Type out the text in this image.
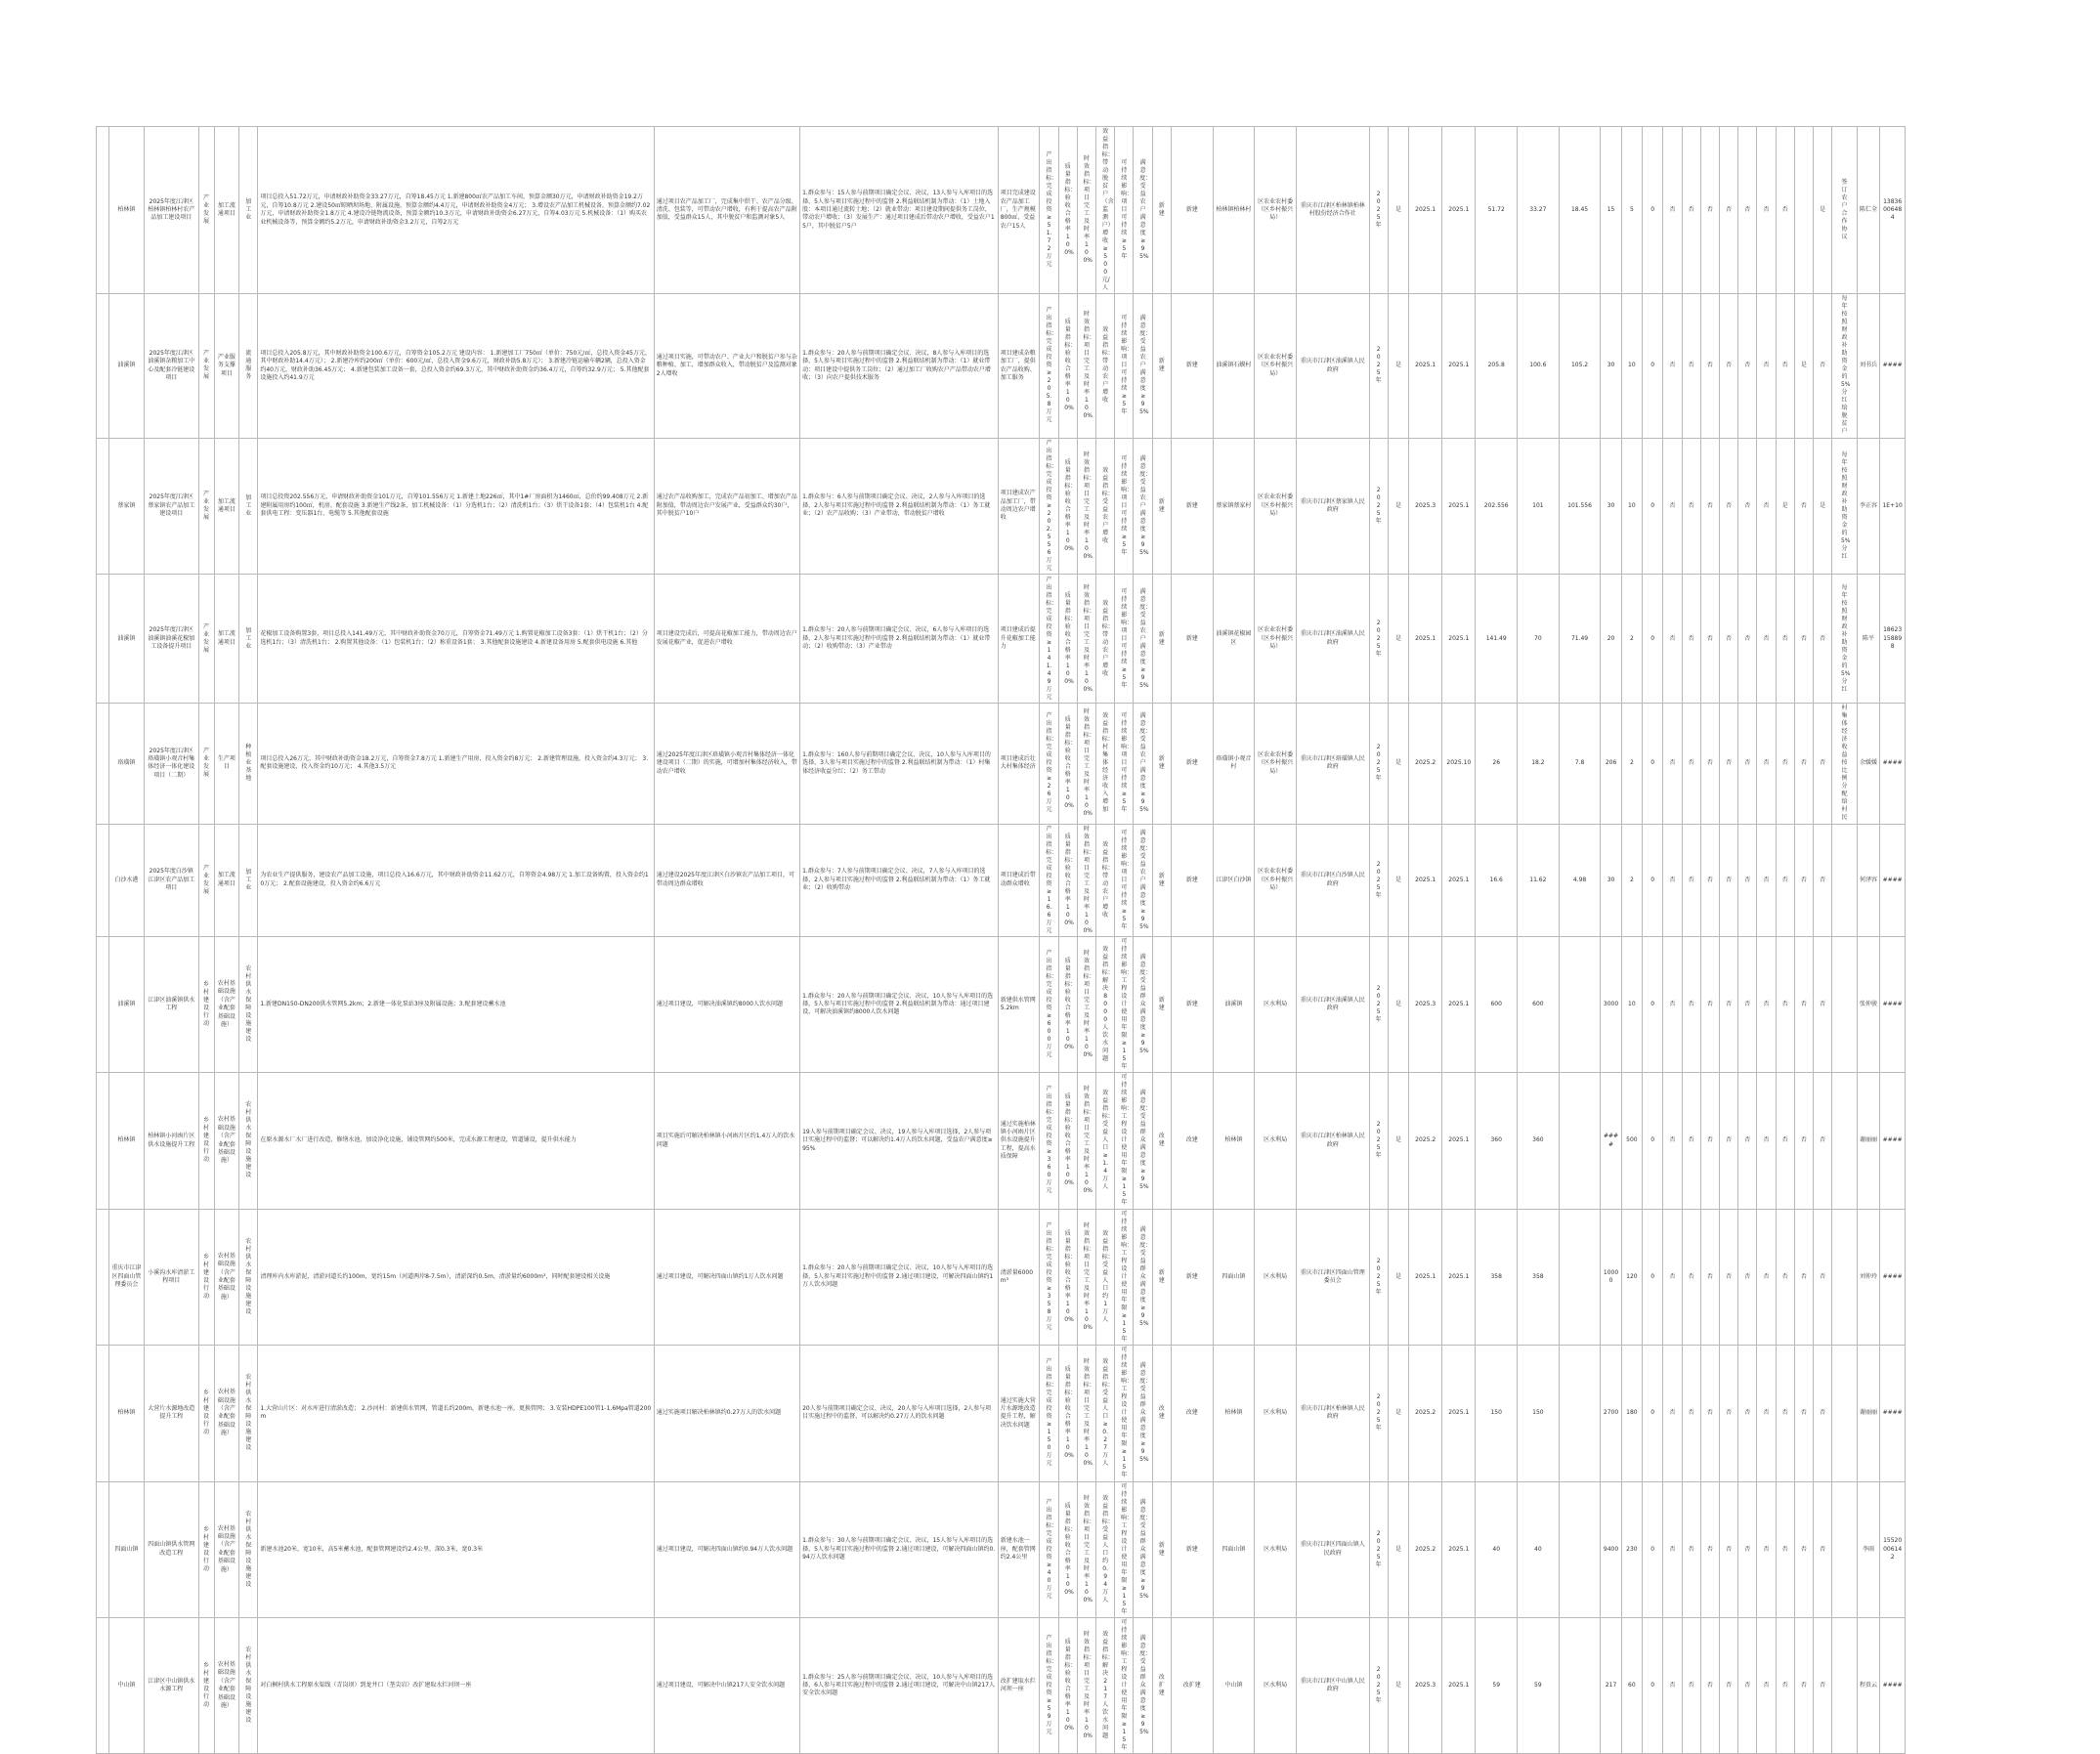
	柏林镇	2025年度江津区柏林镇柏林村农产品加工建设项目	产业发展	加工流通项目	加工业	项目总投入51.72万元，申请财政补助资金33.27万元，自筹18.45万元 1.新建800㎡农产品加工车间，预算金额30万元，申请财政补助资金19.2万元，自筹10.8万元 2.建设50㎡晾晒坝场地、附属设施，预算金额约4.4万元，申请财政补助资金4万元； 3.增设农产品加工机械设备，预算金额约7.02万元，申请财政补助资金1.8万元 4.建设冷链物流设备，预算金额约10.3万元，申请财政补助资金6.27万元，自筹4.03万元 5.机械设备：（1）购买农业机械设备等，预算金额约5.2万元，申请财政补助资金3.2万元，自筹2万元	通过项目农产品加工厂，完成集中烘干、农产品分级、清洗、包装等，可带动农户增收，有利于提高农产品附加值，受益群众15人，其中脱贫户和监测对象5人	1.群众参与：15人参与前期项目确定会议、决议，13人参与入库项目的选择，5人参与项目实施过程中的监督 2.利益联结机制为带动：（1）土地入股：本项目通过流转土地；（2）就业带动：项目建设期间提供务工岗位，带动农户增收；（3）发展生产：通过项目建成后带动农户增收，受益农户15户，其中脱贫户5户	项目完成建设农产品加工厂，生产规模800㎡，受益农户15人	产出指标：完成投资≥51.72万元	质量指标：验收合格率100%	时效指标：项目完工及时率100%	效益指标：带动脱贫户（含监测户）增收≥500元/人	可持续影响：项目可持续≥5年	满意度：受益农户满意度≥95%	新建	新建	柏林镇柏林村	区农业农村委（区乡村振兴局）	重庆市江津区柏林镇柏林村股份经济合作社	2025年	是	2025.1	2025.1	51.72	33.27	18.45	15	5	0	否	否	否	否	否	否	否		是	签订农户合作协议	陈仁全	13836006484
	油溪镇	2025年度江津区油溪镇杂粮加工中心及配套冷链建设项目	产业发展	产业服务支撑项目	流通服务	项目总投入205.8万元，其中财政补助资金100.6万元，自筹资金105.2万元 建设内容： 1.新建加工厂750㎡（单价：750元/㎡，总投入资金45万元，其中财政补助14.4万元）； 2.新建冷库约200㎡（单价：600元/㎡，总投入资金9.6万元，财政补助5.8万元）； 3.新建冷链运输车辆2辆，总投入资金约40万元，财政补助36.45万元； 4.新建包装加工设备一套，总投入资金约69.3万元，其中财政补助资金约36.4万元，自筹约32.9万元； 5.其他配套设施投入约41.9万元	通过项目实施，可带动农户、产业大户和脱贫户参与杂粮种植、加工，增加群众收入，带动脱贫户及监测对象2人增收	1.群众参与：20人参与前期项目确定会议、决议，8人参与入库项目的选择，5人参与项目实施过程中的监督 2.利益联结机制为带动：（1）就业带动：项目建设中提供务工岗位；（2）通过加工厂收购农户产品带动农户增收；（3）向农户提供技术服务	项目建成杂粮加工厂，提供农产品收购、加工服务	产出指标：完成投资≥205.8万元	质量指标：验收合格率100%	时效指标：项目完工及时率100%	效益指标：带动农户增收	可持续影响：项目可持续≥5年	满意度：受益农户满意度≥95%	新建	新建	油溪镇石蟆村	区农业农村委（区乡村振兴局）	重庆市江津区油溪镇人民政府	2025年	是	2025.1	2025.1	205.8	100.6	105.2	30	10	0	否	否	否	否	否	否	否	是	否	每年按照财政补助资金的5%分红给脱贫户	刘书兵	####
	蔡家镇	2025年度江津区蔡家镇农产品加工建设项目	产业发展	加工流通项目	加工业	项目总投资202.556万元，申请财政补助资金101万元，自筹101.556万元 1.新建土地226㎡，其中1#厂房面积为1460㎡，总价约99.408万元 2.新建附属用房约100㎡，机房、配套设施 3.新建生产线2条，加工机械设备：（1）分选机1台；（2）清洗机1台；（3）烘干设备1套；（4）包装机1台 4.配套供电工程：变压器1台，电缆等 5.其他配套设施	通过农产品收购加工，完成农产品初加工、增加农产品附加值，带动周边农户发展产业，受益群众约30户，其中脱贫户10户	1.群众参与：6人参与前期项目确定会议、决议，2人参与入库项目的选择，2人参与项目实施过程中的监督 2.利益联结机制为带动：（1）务工就业；（2）农产品收购；（3）产业带动，带动脱贫户增收	项目建成农产品加工厂，带动周边农户增收	产出指标：完成投资≥202.556万元	质量指标：验收合格率100%	时效指标：项目完工及时率100%	效益指标：受益农户增收	可持续影响：项目可持续≥5年	满意度：受益农户满意度≥95%	新建	新建	蔡家镇蔡家村	区农业农村委（区乡村振兴局）	重庆市江津区蔡家镇人民政府	2025年	是	2025.3	2025.1	202.556	101	101.556	30	10	0	否	否	否	否	否	否	是	否	是	每年按照财政补助资金的5%分红	李正容	1E+10
	油溪镇	2025年度江津区油溪镇油溪花椒加工设备提升项目	产业发展	加工流通项目	加工业	花椒加工设备购置3套，项目总投入141.49万元，其中财政补助资金70万元，自筹资金71.49万元 1.购置花椒加工设备3套：（1）烘干机1台；（2）分选机1台；（3）清洗机1台； 2.购置其他设备：（1）包装机1台；（2）称重设备1套； 3.其他配套设施建设 4.新建设备用房 5.配套供电设施 6.其他	项目建设完成后，可提高花椒加工能力，带动周边农户发展花椒产业，促进农户增收	1.群众参与：20人参与前期项目确定会议、决议，6人参与入库项目的选择，2人参与项目实施过程中的监督 2.利益联结机制为带动：（1）就业带动；（2）收购带动；（3）产业带动	项目建成后提升花椒加工能力	产出指标：完成投资≥141.49万元	质量指标：验收合格率100%	时效指标：项目完工及时率100%	效益指标：带动农户增收	可持续影响：项目可持续≥5年	满意度：受益农户满意度≥95%	新建	新建	油溪镇花椒园区	区农业农村委（区乡村振兴局）	重庆市江津区油溪镇人民政府	2025年	是	2025.1	2025.1	141.49	70	71.49	20	2	0	否	否	否	否	否	否	否	否	否	每年按照财政补助资金的5%分红	陈平	18623158898
	珞璜镇	2025年度江津区珞璜镇小观音村集体经济一体化建设项目（二期）	产业发展	生产项目	种植业基地	项目总投入26万元，其中财政补助资金18.2万元，自筹资金7.8万元 1.新建生产用房，投入资金约8万元； 2.新建管理设施，投入资金约4.3万元； 3.配套设施建设，投入资金约10万元； 4.其他3.5万元	通过2025年度江津区珞璜镇小观音村集体经济一体化建设项目（二期）的实施，可增加村集体经济收入，带动农户增收	1.群众参与：160人参与前期项目确定会议、决议，10人参与入库项目的选择，3人参与项目实施过程中的监督 2.利益联结机制为带动：（1）村集体经济收益分红；（2）务工带动	项目建成后壮大村集体经济	产出指标：完成投资≥26万元	质量指标：验收合格率100%	时效指标：项目完工及时率100%	效益指标：村集体经济收入增加	可持续影响：项目可持续≥5年	满意度：受益农户满意度≥95%	新建	新建	珞璜镇小观音村	区农业农村委（区乡村振兴局）	重庆市江津区珞璜镇人民政府	2025年	是	2025.2	2025.10	26	18.2	7.8	206	2	0	否	否	否	否	否	否	否	否	否	村集体经济收益按比例分配给村民	余媛媛	####
	白沙水港	2025年度白沙镇江津区农产品加工项目	产业发展	加工流通项目	加工业	为农业生产提供服务，建设农产品加工设施，项目总投入16.6万元，其中财政补助资金11.62万元，自筹资金4.98万元 1.加工设备购置，投入资金约10万元； 2.配套设施建设，投入资金约6.6万元	通过建设2025年度江津区白沙镇农产品加工项目，可带动周边群众增收	1.群众参与：7人参与前期项目确定会议、决议，7人参与入库项目的选择，2人参与项目实施过程中的监督 2.利益联结机制为带动：（1）务工就业；（2）收购带动	项目建成后带动群众增收	产出指标：完成投资≥16.6万元	质量指标：验收合格率100%	时效指标：项目完工及时率100%	效益指标：带动农户增收	可持续影响：项目可持续≥5年	满意度：受益农户满意度≥95%	新建	新建	江津区白沙镇	区农业农村委（区乡村振兴局）	重庆市江津区白沙镇人民政府	2025年	是	2025.1	2025.1	16.6	11.62	4.98	30	2	0	否	否	否	否	否	否	否	否	否		何泽容	####
	油溪镇	江津区油溪镇供水工程	乡村建设行动	农村基础设施（含产业配套基础设施）	农村供水保障设施建设	1.新建DN150-DN200供水管网5.2km；2.新建一体化泵站3座及附属设施；3.配套建设蓄水池	通过项目建设，可解决油溪镇约8000人饮水问题	1.群众参与：20人参与前期项目确定会议、决议，10人参与入库项目的选择，5人参与项目实施过程中的监督 2.利益联结机制为带动：通过项目建设，可解决油溪镇约8000人饮水问题	新建供水管网5.2km	产出指标：完成投资≥600万元	质量指标：验收合格率100%	时效指标：项目完工及时率100%	效益指标：解决8000人饮水问题	可持续影响：工程设计使用年限≥15年	满意度：受益群众满意度≥95%	新建	新建	油溪镇	区水利局	重庆市江津区油溪镇人民政府	2025年	是	2025.3	2025.1	600	600		3000	10	0	否	否	否	否	否	否	否	否	否		张仲骏	####
	柏林镇	柏林镇小河凼片区供水设施提升工程	乡村建设行动	农村基础设施（含产业配套基础设施）	农村供水保障设施建设	在原水源水厂水厂进行改造，修缮水池，加设净化设施，铺设管网约500米，完成水源工程建设，管道铺设，提升供水能力	项目实施后可解决柏林镇小河凼片区约1.4万人的饮水问题	19人参与前期项目确定会议、决议，19人参与入库项目选择，2人参与项目实施过程中的监督；可以解决约1.4万人的饮水问题，受益农户满意度≥95%	通过实施柏林镇小河凼片区供水设施提升工程，提高水质保障	产出指标：完成投资≥360万元	质量指标：验收合格率100%	时效指标：项目完工及时率100%	效益指标：受益人口≥1.4万人	可持续影响：工程设计使用年限≥15年	满意度：受益群众满意度≥95%	改建	改建	柏林镇	区水利局	重庆市江津区柏林镇人民政府	2025年	是	2025.2	2025.1	360	360		####	500	0	否	否	否	否	否	否	否	否	否		谢丽丽	####
	重庆市江津区四面山管理委员会	小溪沟水库清淤工程项目	乡村建设行动	农村基础设施（含产业配套基础设施）	农村供水保障设施建设	清理库内水库淤泥，清淤河道长约100m，宽约15m（河道两岸8-7.5m），清淤深约0.5m，清淤量约6000m³，同时配套建设相关设施	通过项目建设，可解决四面山镇约1万人饮水问题	1.群众参与：20人参与前期项目确定会议、决议，10人参与入库项目的选择，5人参与项目实施过程中的监督 2.通过项目建设，可解决四面山镇约1万人饮水问题	清淤量6000m³	产出指标：完成投资≥358万元	质量指标：验收合格率100%	时效指标：项目完工及时率100%	效益指标：受益人口约1万人	可持续影响：工程设计使用年限≥15年	满意度：受益群众满意度≥95%	新建	新建	四面山镇	区水利局	重庆市江津区四面山管理委员会	2025年	是	2025.1	2025.1	358	358		10000	120	0	否	否	否	否	否	否	否	否	否		刘仲玲	####
	柏林镇	大营片水源地改造提升工程	乡村建设行动	农村基础设施（含产业配套基础设施）	农村供水保障设施建设	1.大营山片区：对水库进行清淤改造； 2.沙河村：新建供水管网，管道长约200m，新建水池一座，更换管网； 3.安装HDPE100管1-1.6Mpa管道200m	通过实施项目解决柏林镇约0.27万人的饮水问题	20人参与前期项目确定会议、决议，20人参与入库项目选择，2人参与项目实施过程中的监督，可以解决约0.27万人的饮水问题	通过实施大营片水源地改造提升工程，解决饮水问题	产出指标：完成投资≥150万元	质量指标：验收合格率100%	时效指标：项目完工及时率100%	效益指标：受益人口≥0.27万人	可持续影响：工程设计使用年限≥15年	满意度：受益群众满意度≥95%	改建	改建	柏林镇	区水利局	重庆市江津区柏林镇人民政府	2025年	是	2025.2	2025.1	150	150		2700	180	0	否	否	否	否	否	否	否	否	否		谢丽丽	####
	四面山镇	四面山镇供水管网改造工程	乡村建设行动	农村基础设施（含产业配套基础设施）	农村供水保障设施建设	新建水池20米，宽10米，高5米蓄水池，配套管网建设约2.4公里，深0.3米，宽0.3米	通过项目建设，可解决四面山镇约0.94万人饮水问题	1.群众参与：30人参与前期项目确定会议、决议，15人参与入库项目的选择，5人参与项目实施过程中的监督 2.通过项目建设，可解决四面山镇约0.94万人饮水问题	新建水池一座，配套管网约2.4公里	产出指标：完成投资≥40万元	质量指标：验收合格率100%	时效指标：项目完工及时率100%	效益指标：受益人口约0.94万人	可持续影响：工程设计使用年限≥15年	满意度：受益群众满意度≥95%	新建	新建	四面山镇	区水利局	重庆市江津区四面山镇人民政府	2025年	是	2025.2	2025.1	40	40		9400	230	0	否	否	否	否	否	否	否	否	否		李雨	15520006142
	中山镇	江津区中山镇供水水源工程	乡村建设行动	农村基础设施（含产业配套基础设施）	农村供水保障设施建设	对白桐村供水工程原水渠线（青岗坝）到龙井口（垄尖岩）改扩建取水拦河坝一座	通过项目建设，可解决中山镇217人安全饮水问题	1.群众参与：25人参与前期项目确定会议、决议，10人参与入库项目的选择，6人参与项目实施过程中的监督 2.通过项目建设，可解决中山镇217人安全饮水问题	改扩建取水拦河坝一座	产出指标：完成投资≥59万元	质量指标：验收合格率100%	时效指标：项目完工及时率100%	效益指标：解决217人饮水问题	可持续影响：工程设计使用年限≥15年	满意度：受益群众满意度≥95%	改扩建	改扩建	中山镇	区水利局	重庆市江津区中山镇人民政府	2025年	是	2025.3	2025.1	59	59		217	60	0	否	否	否	否	否	否	否	否	否		程贵云	####
